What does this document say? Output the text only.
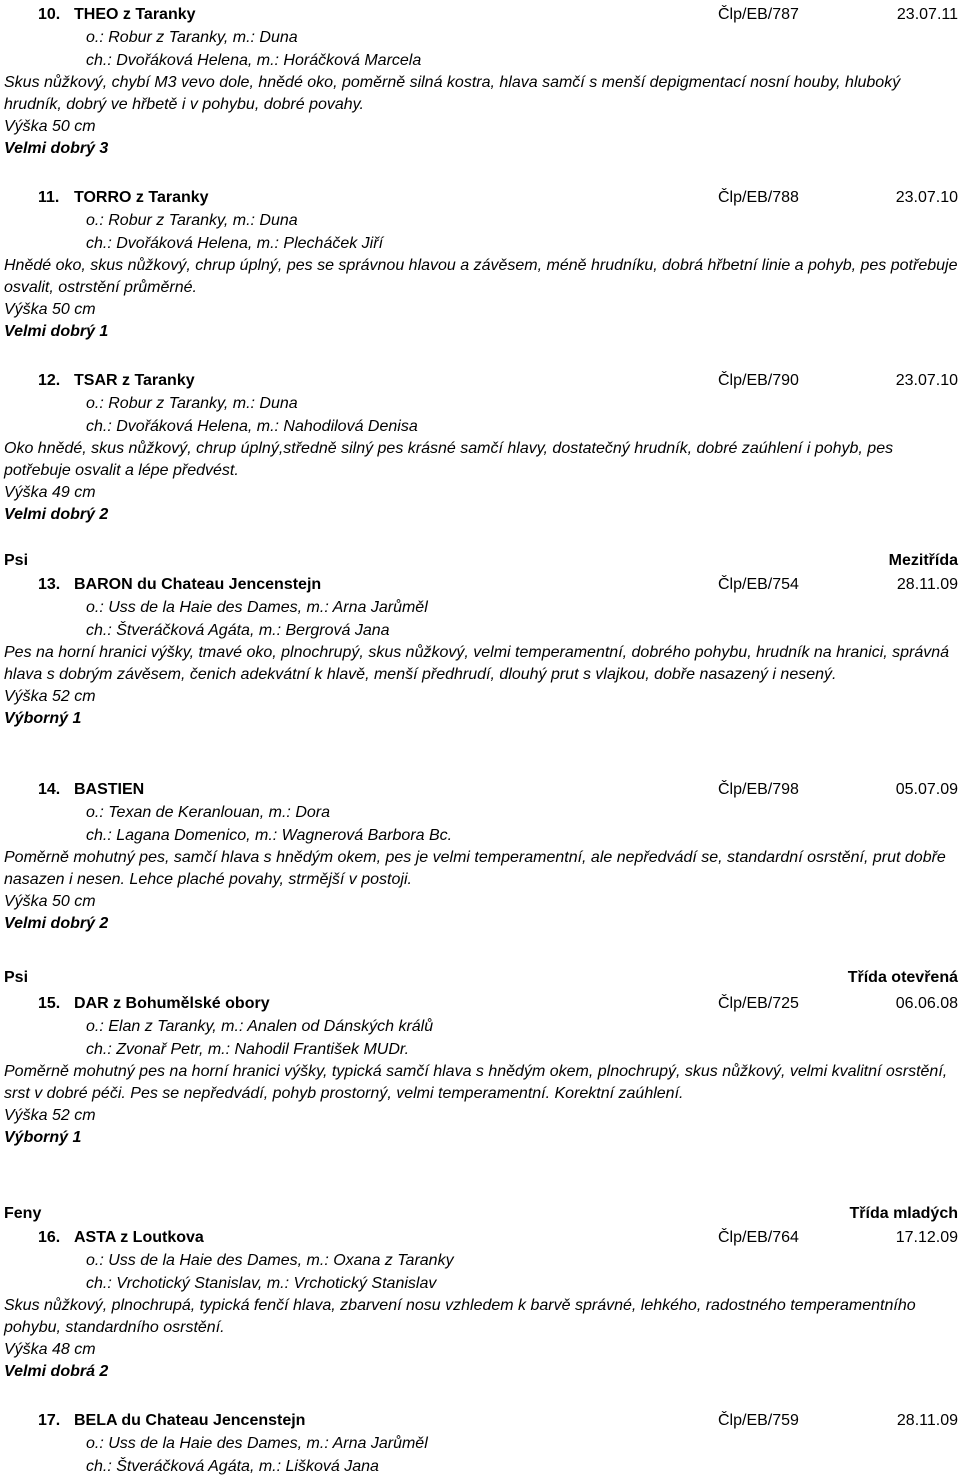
Psi	Mezitřída
Psi	Třída otevřená
Feny	Třída mladých
10. THEO z Taranky	Člp/EB/787	23.07.11
o.: Robur z Taranky, m.: Duna
ch.: Dvořáková Helena, m.: Horáčková Marcela
Skus nůžkový, chybí M3 vevo dole, hnědé oko, poměrně silná kostra, hlava samčí s menší depigmentací nosní houby, hluboký hrudník, dobrý ve hřbetě i v pohybu, dobré povahy.
Výška 50 cm
Velmi dobrý 3
11. TORRO z Taranky	Člp/EB/788	23.07.10
o.: Robur z Taranky, m.: Duna
ch.: Dvořáková Helena, m.: Plecháček Jiří
Hnědé oko, skus nůžkový, chrup úplný, pes se správnou hlavou a závěsem, méně hrudníku, dobrá hřbetní linie a pohyb, pes potřebuje osvalit, ostrstění průměrné.
Výška 50 cm
Velmi dobrý 1
12. TSAR z Taranky	Člp/EB/790	23.07.10
o.: Robur z Taranky, m.: Duna
ch.: Dvořáková Helena, m.: Nahodilová Denisa
Oko hnědé, skus nůžkový, chrup úplný,středně silný pes krásné samčí hlavy, dostatečný hrudník, dobré zaúhlení i pohyb, pes potřebuje osvalit a lépe předvést.
Výška 49 cm
Velmi dobrý 2
13. BARON du Chateau Jencenstejn	Člp/EB/754	28.11.09
o.: Uss de la Haie des Dames, m.: Arna Jarůměl
ch.: Štveráčková Agáta, m.: Bergrová Jana
Pes na horní hranici výšky, tmavé oko, plnochrupý, skus nůžkový, velmi temperamentní, dobrého pohybu, hrudník na hranici, správná hlava s dobrým závěsem, čenich adekvátní k hlavě, menší předhrudí, dlouhý prut s vlajkou, dobře nasazený i nesený.
Výška 52 cm
Výborný 1
14. BASTIEN	Člp/EB/798	05.07.09
o.: Texan de Keranlouan, m.: Dora
ch.: Lagana Domenico, m.: Wagnerová Barbora Bc.
Poměrně mohutný pes, samčí hlava s hnědým okem, pes je velmi temperamentní, ale nepředvádí se, standardní osrstění, prut dobře nasazen i nesen. Lehce plaché povahy, strmější v postoji.
Výška 50 cm
Velmi dobrý 2
15. DAR z Bohumělské obory	Člp/EB/725	06.06.08
o.: Elan z Taranky, m.: Analen od Dánských králů
ch.: Zvonař Petr, m.: Nahodil František MUDr.
Poměrně mohutný pes na horní hranici výšky, typická samčí hlava s hnědým okem, plnochrupý, skus nůžkový, velmi kvalitní osrstění, srst v dobré péči. Pes se nepředvádí, pohyb prostorný, velmi temperamentní. Korektní zaúhlení.
Výška 52 cm
Výborný 1
16. ASTA z Loutkova	Člp/EB/764	17.12.09
o.: Uss de la Haie des Dames, m.: Oxana z Taranky
ch.: Vrchotický Stanislav, m.: Vrchotický Stanislav
Skus nůžkový, plnochrupá, typická fenčí hlava, zbarvení nosu vzhledem k barvě správné, lehkého, radostného temperamentního pohybu, standardního osrstění.
Výška 48 cm
Velmi dobrá 2
17. BELA du Chateau Jencenstejn	Člp/EB/759	28.11.09
o.: Uss de la Haie des Dames, m.: Arna Jarůměl
ch.: Štveráčková Agáta, m.: Lišková Jana
